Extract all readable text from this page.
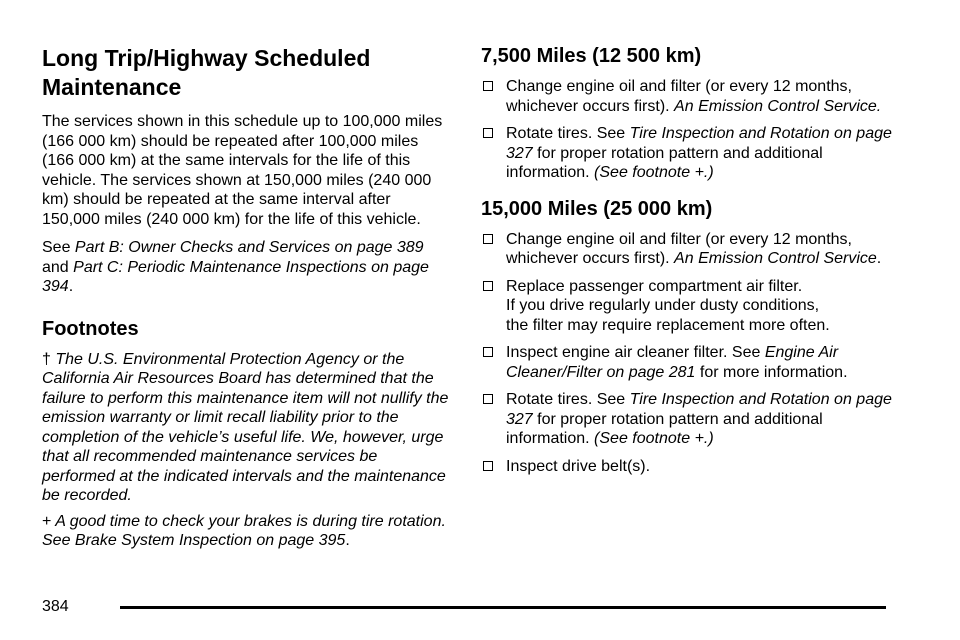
Long Trip/Highway Scheduled Maintenance

The services shown in this schedule up to 100,000 miles (166 000 km) should be repeated after 100,000 miles (166 000 km) at the same intervals for the life of this vehicle. The services shown at 150,000 miles (240 000 km) should be repeated at the same interval after 150,000 miles (240 000 km) for the life of this vehicle.

See Part B: Owner Checks and Services on page 389 and Part C: Periodic Maintenance Inspections on page 394.

Footnotes

† The U.S. Environmental Protection Agency or the California Air Resources Board has determined that the failure to perform this maintenance item will not nullify the emission warranty or limit recall liability prior to the completion of the vehicle’s useful life. We, however, urge that all recommended maintenance services be performed at the indicated intervals and the maintenance be recorded.

+ A good time to check your brakes is during tire rotation. See Brake System Inspection on page 395.

7,500 Miles (12 500 km)
Change engine oil and filter (or every 12 months, whichever occurs first). An Emission Control Service.
Rotate tires. See Tire Inspection and Rotation on page 327 for proper rotation pattern and additional information. (See footnote +.)
15,000 Miles (25 000 km)
Change engine oil and filter (or every 12 months, whichever occurs first). An Emission Control Service.
Replace passenger compartment air filter.
If you drive regularly under dusty conditions,
the filter may require replacement more often.
Inspect engine air cleaner filter. See Engine Air Cleaner/Filter on page 281 for more information.
Rotate tires. See Tire Inspection and Rotation on page 327 for proper rotation pattern and additional information. (See footnote +.)
Inspect drive belt(s).
384
